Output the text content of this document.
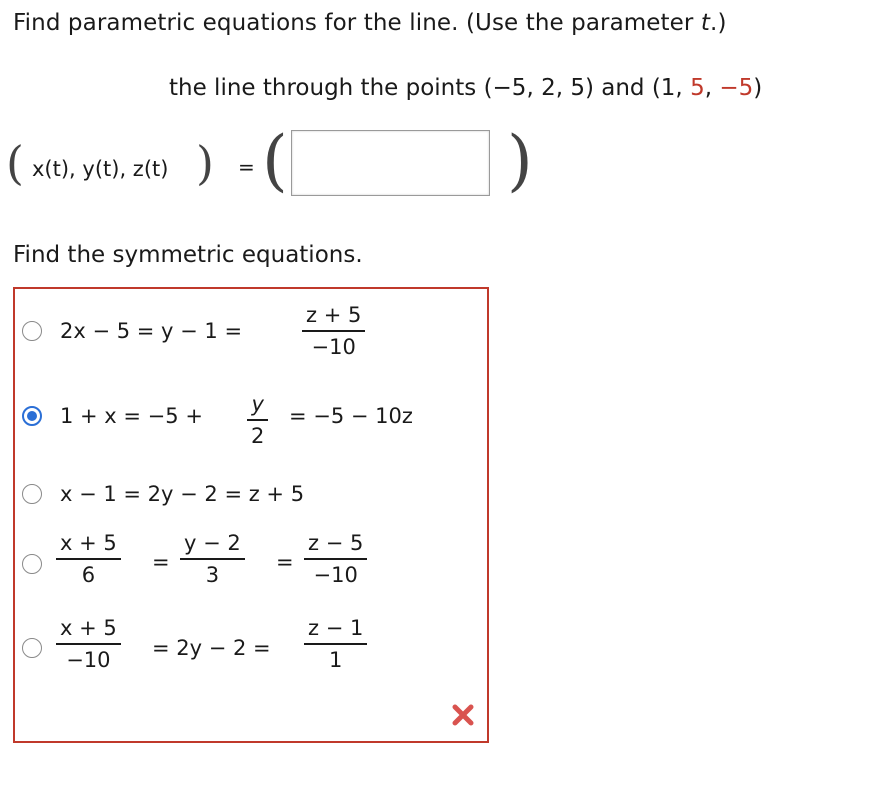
Find parametric equations for the line. (Use the parameter t.)
the line through the points (−5, 2, 5) and (1, 5, −5)
( x(t), y(t), z(t) ) = (	)
Find the symmetric equations.
2x − 5 = y − 1 =
z + 5
−10
1 + x = −5 + y
2
= −5 − 10z
x − 1 = 2y − 2 = z + 5
x + 5
6
=
y − 2
3
=
z − 5
−10
x + 5
−10 = 2y − 2 =
z − 1
1
